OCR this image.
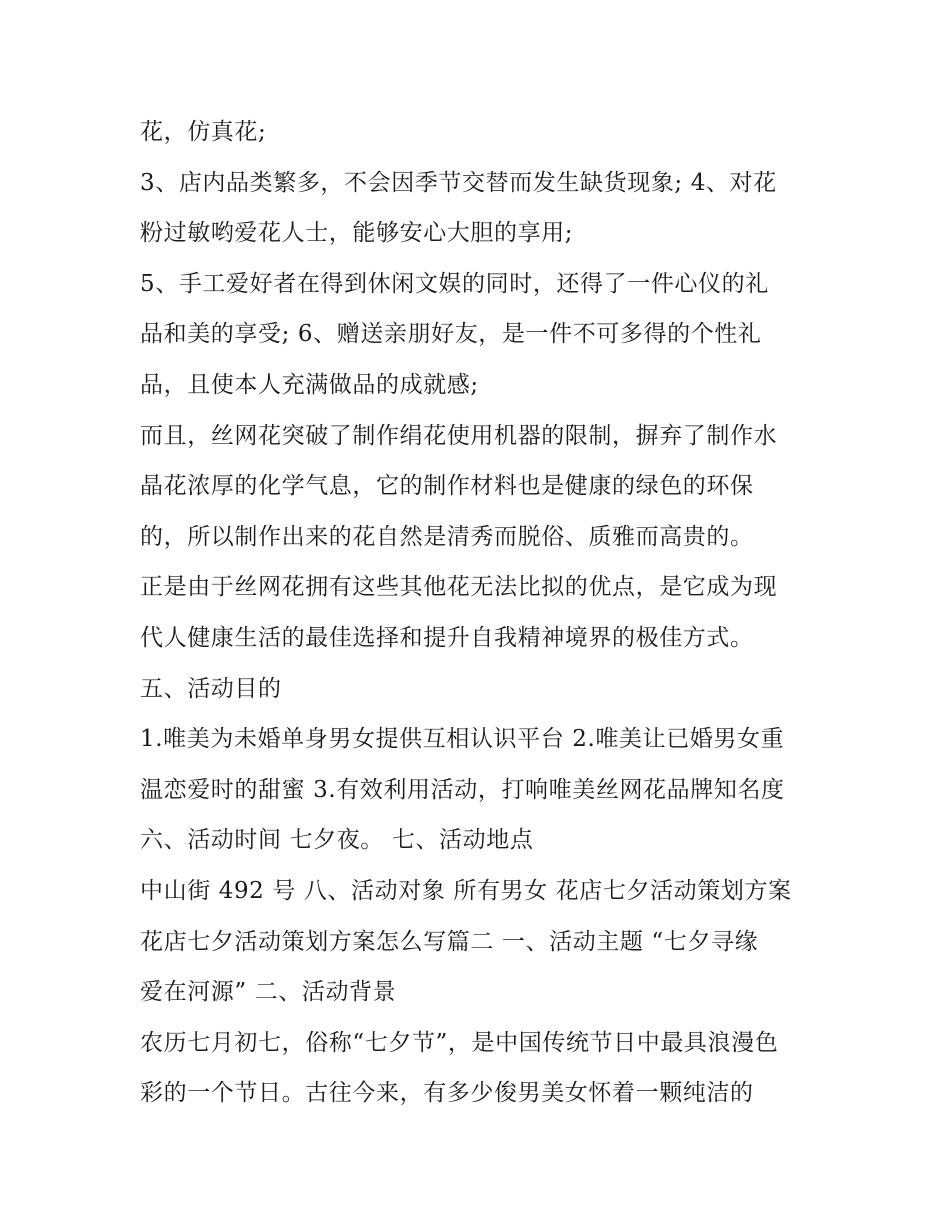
花，仿真花;
3、店内品类繁多，不会因季节交替而发生缺货现象; 4、对花
粉过敏哟爱花人士，能够安心大胆的享用;
5、手工爱好者在得到休闲文娱的同时，还得了一件心仪的礼
品和美的享受; 6、赠送亲朋好友，是一件不可多得的个性礼
品，且使本人充满做品的成就感;
而且，丝网花突破了制作绢花使用机器的限制，摒弃了制作水
晶花浓厚的化学气息，它的制作材料也是健康的绿色的环保
的，所以制作出来的花自然是清秀而脱俗、质雅而高贵的。
正是由于丝网花拥有这些其他花无法比拟的优点，是它成为现
代人健康生活的最佳选择和提升自我精神境界的极佳方式。
五、活动目的
1.唯美为未婚单身男女提供互相认识平台 2.唯美让已婚男女重
温恋爱时的甜蜜 3.有效利用活动，打响唯美丝网花品牌知名度
六、活动时间 七夕夜。 七、活动地点
中山街 492 号 八、活动对象 所有男女 花店七夕活动策划方案
花店七夕活动策划方案怎么写篇二 一、活动主题 “七夕寻缘
爱在河源” 二、活动背景
农历七月初七，俗称“七夕节”，是中国传统节日中最具浪漫色
彩的一个节日。古往今来，有多少俊男美女怀着一颗纯洁的
